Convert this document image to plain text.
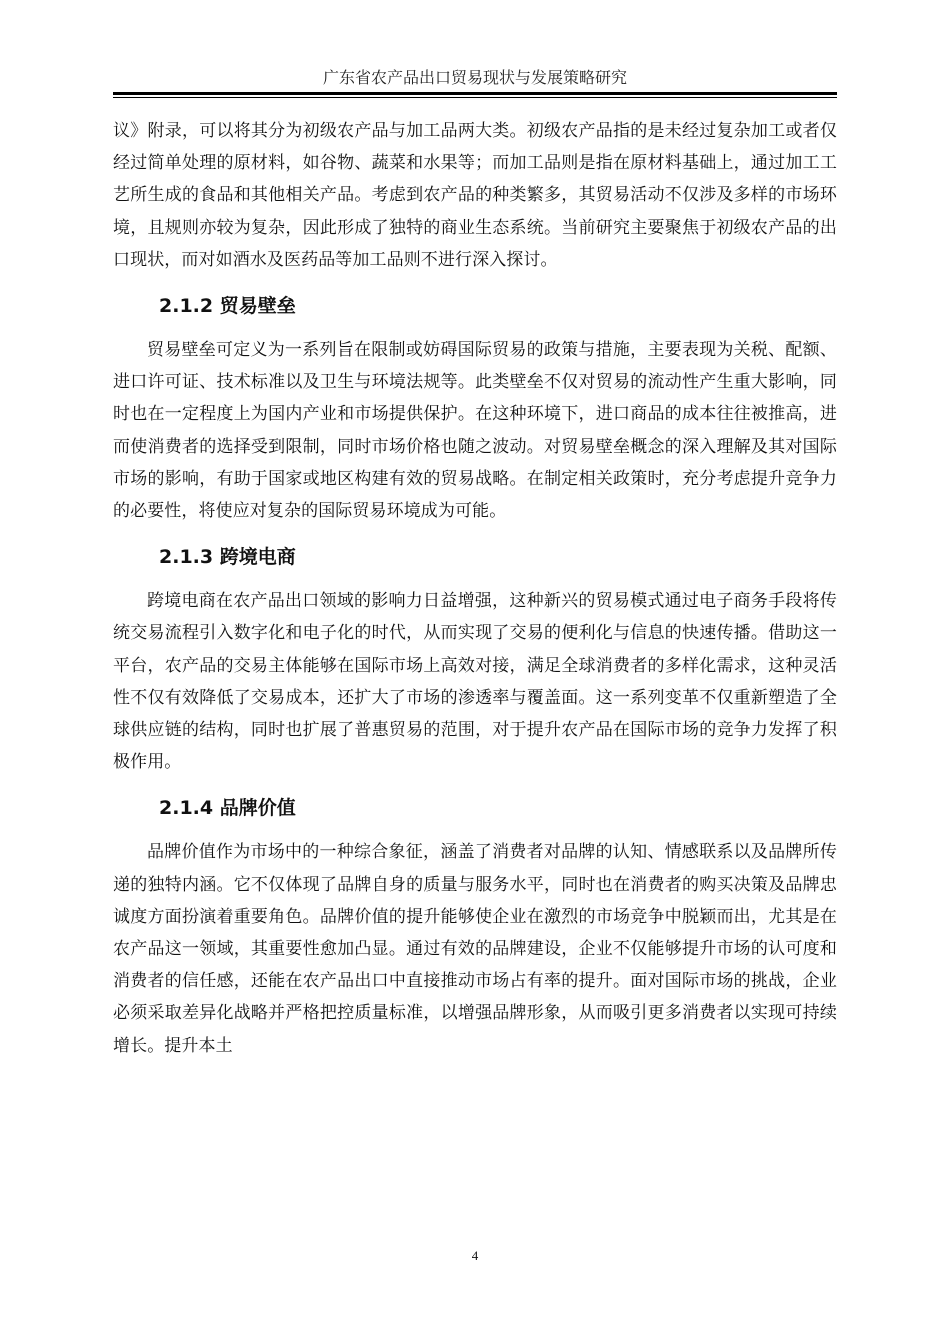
广东省农产品出口贸易现状与发展策略研究

议》附录，可以将其分为初级农产品与加工品两大类。初级农产品指的是未经过复杂加工或者仅经过简单处理的原材料，如谷物、蔬菜和水果等；而加工品则是指在原材料基础上，通过加工工艺所生成的食品和其他相关产品。考虑到农产品的种类繁多，其贸易活动不仅涉及多样的市场环境，且规则亦较为复杂，因此形成了独特的商业生态系统。当前研究主要聚焦于初级农产品的出口现状，而对如酒水及医药品等加工品则不进行深入探讨。

2.1.2 贸易壁垒

贸易壁垒可定义为一系列旨在限制或妨碍国际贸易的政策与措施，主要表现为关税、配额、进口许可证、技术标准以及卫生与环境法规等。此类壁垒不仅对贸易的流动性产生重大影响，同时也在一定程度上为国内产业和市场提供保护。在这种环境下，进口商品的成本往往被推高，进而使消费者的选择受到限制，同时市场价格也随之波动。对贸易壁垒概念的深入理解及其对国际市场的影响，有助于国家或地区构建有效的贸易战略。在制定相关政策时，充分考虑提升竞争力的必要性，将使应对复杂的国际贸易环境成为可能。

2.1.3 跨境电商

跨境电商在农产品出口领域的影响力日益增强，这种新兴的贸易模式通过电子商务手段将传统交易流程引入数字化和电子化的时代，从而实现了交易的便利化与信息的快速传播。借助这一平台，农产品的交易主体能够在国际市场上高效对接，满足全球消费者的多样化需求，这种灵活性不仅有效降低了交易成本，还扩大了市场的渗透率与覆盖面。这一系列变革不仅重新塑造了全球供应链的结构，同时也扩展了普惠贸易的范围，对于提升农产品在国际市场的竞争力发挥了积极作用。

2.1.4 品牌价值

品牌价值作为市场中的一种综合象征，涵盖了消费者对品牌的认知、情感联系以及品牌所传递的独特内涵。它不仅体现了品牌自身的质量与服务水平，同时也在消费者的购买决策及品牌忠诚度方面扮演着重要角色。品牌价值的提升能够使企业在激烈的市场竞争中脱颖而出，尤其是在农产品这一领域，其重要性愈加凸显。通过有效的品牌建设，企业不仅能够提升市场的认可度和消费者的信任感，还能在农产品出口中直接推动市场占有率的提升。面对国际市场的挑战，企业必须采取差异化战略并严格把控质量标准，以增强品牌形象，从而吸引更多消费者以实现可持续增长。提升本土

4
